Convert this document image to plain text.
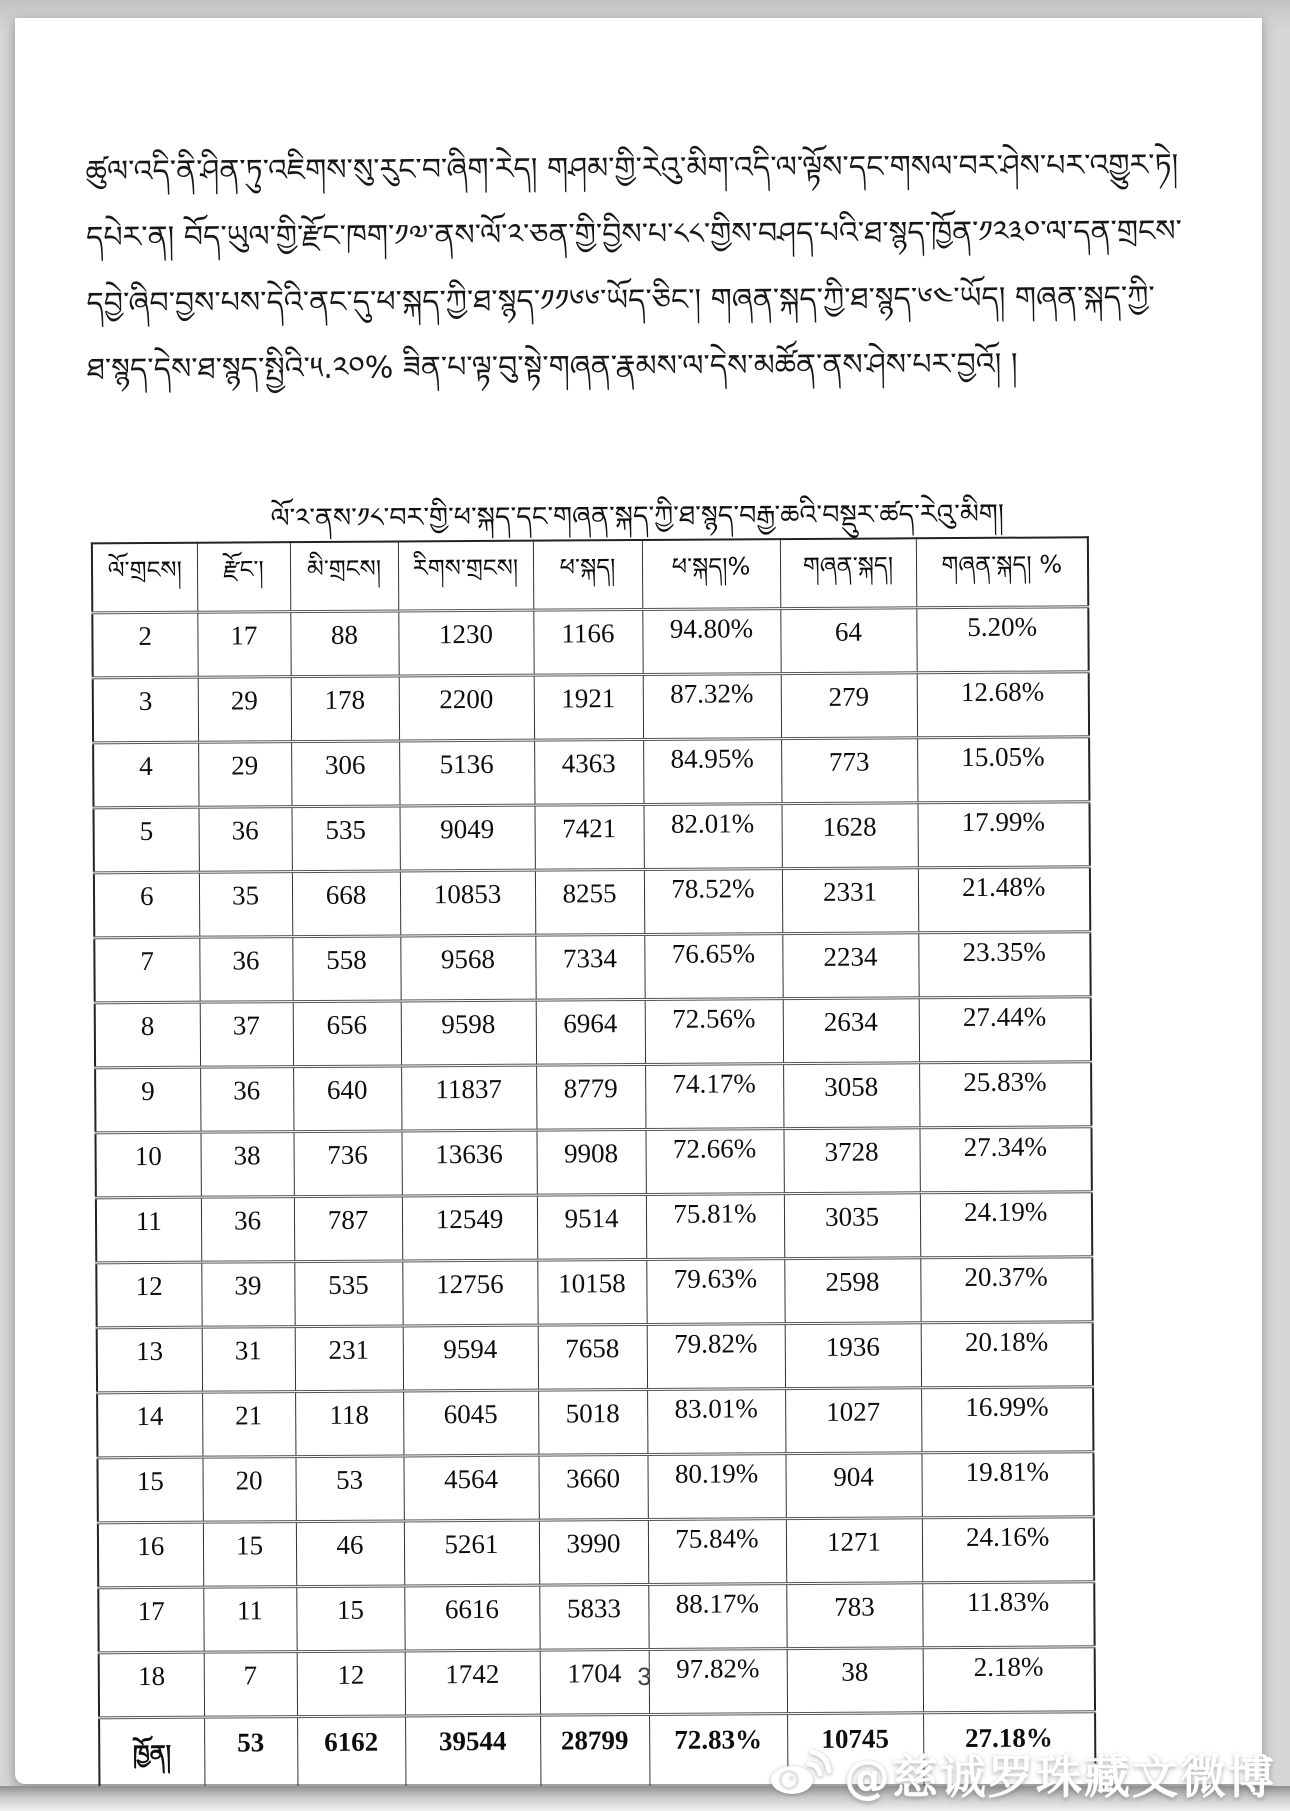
ཚུལ་འདི་ནི་ཤིན་ཏུ་འཇིགས་སུ་རུང་བ་ཞིག་རེད། གཤམ་གྱི་རེའུ་མིག་འདི་ལ་ལྟོས་དང་གསལ་བར་ཤེས་པར་འགྱུར་ཏེ།
དཔེར་ན། བོད་ཡུལ་གྱི་རྫོང་ཁག་༡༧་ནས་ལོ་༢་ཅན་གྱི་བྱིས་པ་༨༨་གྱིས་བཤད་པའི་ཐ་སྙད་ཁྱོན་༡༢༣༠་ལ་དན་གྲངས་
དབྱེ་ཞིབ་བྱས་པས་དེའི་ནང་དུ་ཕ་སྐད་ཀྱི་ཐ་སྙད་༡༡༦༦་ཡོད་ཅིང་། གཞན་སྐད་ཀྱི་ཐ་སྙད་༦༤་ཡོད། གཞན་སྐད་ཀྱི་
ཐ་སྙད་དེས་ཐ་སྙད་སྤྱིའི་༥.༢༠% ཟིན་པ་ལྟ་བུ་སྟེ་གཞན་རྣམས་ལ་དེས་མཚོན་ནས་ཤེས་པར་བྱའོ། །
ལོ་༢་ནས་༡༨་བར་གྱི་ཕ་སྐད་དང་གཞན་སྐད་ཀྱི་ཐ་སྙད་བརྒྱ་ཆའི་བསྡུར་ཚད་རེའུ་མིག།
ལོ་གྲངས།	རྫོང་།	མི་གྲངས།	རིགས་གྲངས།	ཕ་སྐད།	ཕ་སྐད།%	གཞན་སྐད།	གཞན་སྐད། %
2	17	88	1230	1166	94.80%	64	5.20%
3	29	178	2200	1921	87.32%	279	12.68%
4	29	306	5136	4363	84.95%	773	15.05%
5	36	535	9049	7421	82.01%	1628	17.99%
6	35	668	10853	8255	78.52%	2331	21.48%
7	36	558	9568	7334	76.65%	2234	23.35%
8	37	656	9598	6964	72.56%	2634	27.44%
9	36	640	11837	8779	74.17%	3058	25.83%
10	38	736	13636	9908	72.66%	3728	27.34%
11	36	787	12549	9514	75.81%	3035	24.19%
12	39	535	12756	10158	79.63%	2598	20.37%
13	31	231	9594	7658	79.82%	1936	20.18%
14	21	118	6045	5018	83.01%	1027	16.99%
15	20	53	4564	3660	80.19%	904	19.81%
16	15	46	5261	3990	75.84%	1271	24.16%
17	11	15	6616	5833	88.17%	783	11.83%
18	7	12	1742	1704	97.82%	38	2.18%
ཁྱོན།	53	6162	39544	28799	72.83%	10745	27.18%
3
@慈诚罗珠藏文微博
